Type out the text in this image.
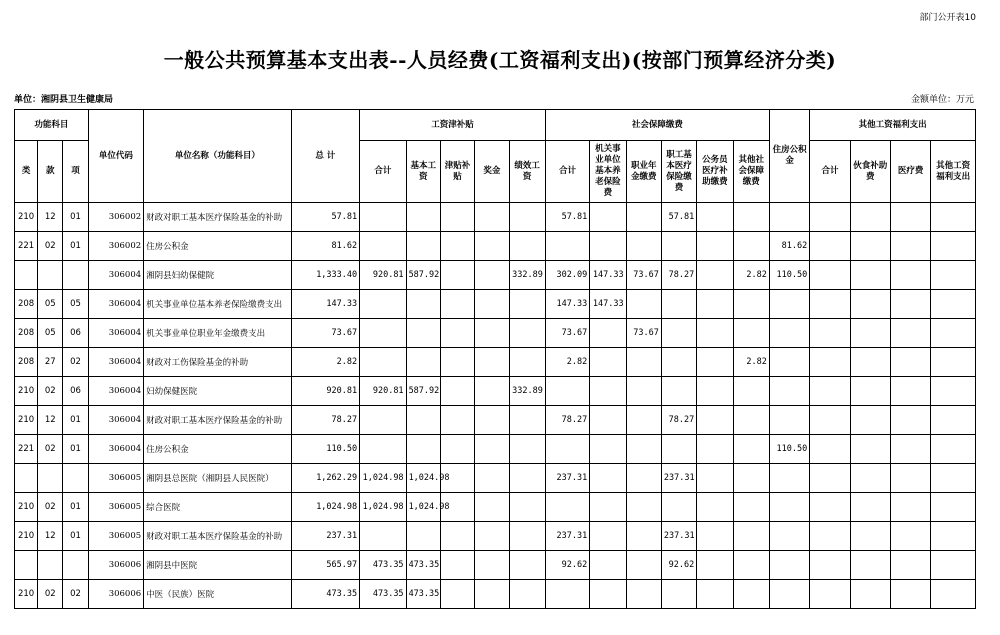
部门公开表10
一般公共预算基本支出表--人员经费(工资福利支出)(按部门预算经济分类)
单位：湘阴县卫生健康局	金额单位：万元
功能科目			单位代码	单位名称（功能科目）	总 计	工资津补贴					社会保障缴费						住房公积金	其他工资福利支出			
类	款	项				合计	基本工资	津贴补贴	奖金	绩效工资	合计	机关事业单位基本养老保险费	职业年金缴费	职工基本医疗保险缴费	公务员医疗补助缴费	其他社会保障缴费		合计	伙食补助费	医疗费	其他工资福利支出
210	12	01	306002	财政对职工基本医疗保险基金的补助	57.81						57.81			57.81							
221	02	01	306002	住房公积金	81.62												81.62				
			306004	湘阴县妇幼保健院	1,333.40	920.81	587.92			332.89	302.09	147.33	73.67	78.27		2.82	110.50				
208	05	05	306004	机关事业单位基本养老保险缴费支出	147.33						147.33	147.33									
208	05	06	306004	机关事业单位职业年金缴费支出	73.67						73.67		73.67								
208	27	02	306004	财政对工伤保险基金的补助	2.82						2.82					2.82					
210	02	06	306004	妇幼保健医院	920.81	920.81	587.92			332.89											
210	12	01	306004	财政对职工基本医疗保险基金的补助	78.27						78.27			78.27							
221	02	01	306004	住房公积金	110.50												110.50				
			306005	湘阴县总医院（湘阴县人民医院）	1,262.29	1,024.98	1,024.98				237.31			237.31							
210	02	01	306005	综合医院	1,024.98	1,024.98	1,024.98														
210	12	01	306005	财政对职工基本医疗保险基金的补助	237.31						237.31			237.31							
			306006	湘阴县中医院	565.97	473.35	473.35				92.62			92.62							
210	02	02	306006	中医（民族）医院	473.35	473.35	473.35														
